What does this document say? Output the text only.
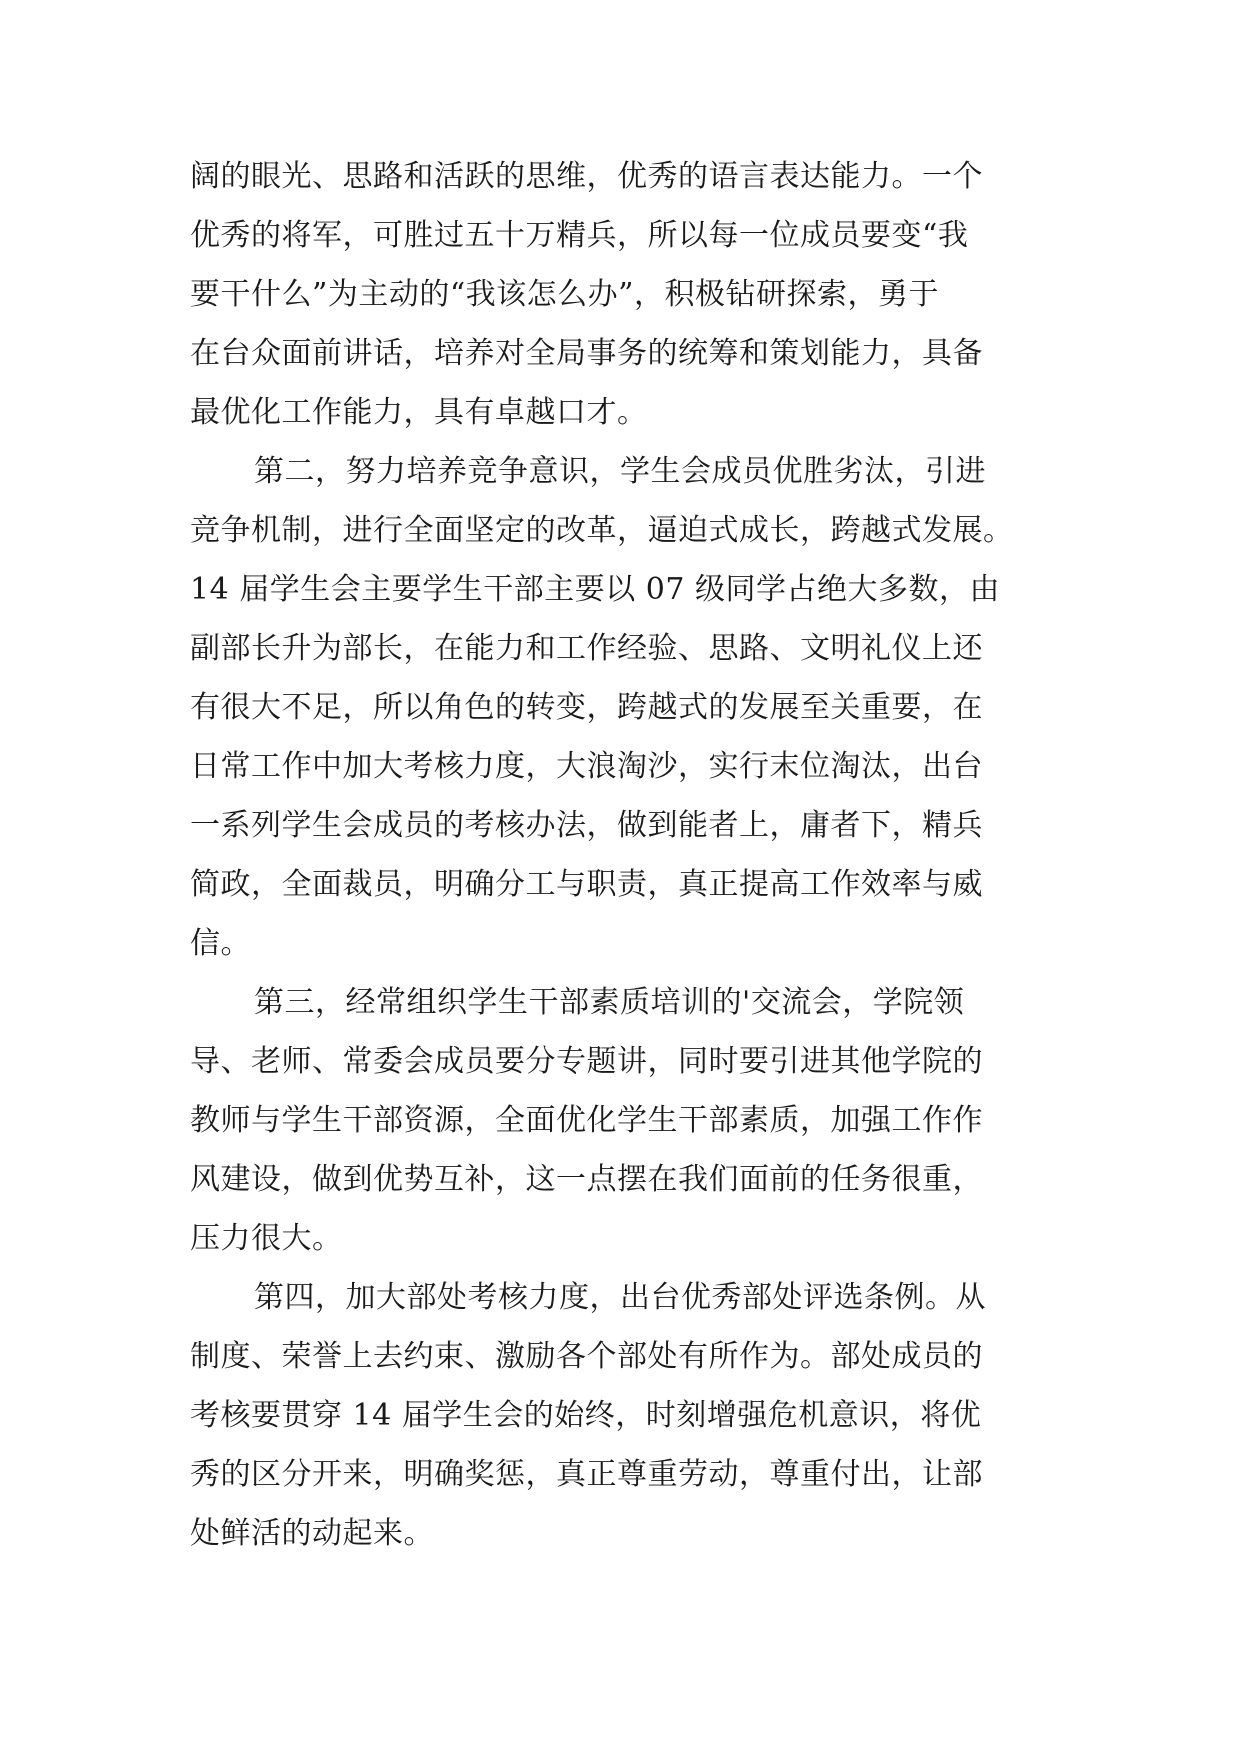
阔的眼光、思路和活跃的思维，优秀的语言表达能力。一个
优秀的将军，可胜过五十万精兵，所以每一位成员要变“我
要干什么”为主动的“我该怎么办”，积极钻研探索，勇于
在台众面前讲话，培养对全局事务的统筹和策划能力，具备
最优化工作能力，具有卓越口才。
第二，努力培养竞争意识，学生会成员优胜劣汰，引进
竞争机制，进行全面坚定的改革，逼迫式成长，跨越式发展。
14 届学生会主要学生干部主要以 07 级同学占绝大多数，由
副部长升为部长，在能力和工作经验、思路、文明礼仪上还
有很大不足，所以角色的转变，跨越式的发展至关重要，在
日常工作中加大考核力度，大浪淘沙，实行末位淘汰，出台
一系列学生会成员的考核办法，做到能者上，庸者下，精兵
简政，全面裁员，明确分工与职责，真正提高工作效率与威
信。
第三，经常组织学生干部素质培训的'交流会，学院领
导、老师、常委会成员要分专题讲，同时要引进其他学院的
教师与学生干部资源，全面优化学生干部素质，加强工作作
风建设，做到优势互补，这一点摆在我们面前的任务很重，
压力很大。
第四，加大部处考核力度，出台优秀部处评选条例。从
制度、荣誉上去约束、激励各个部处有所作为。部处成员的
考核要贯穿 14 届学生会的始终，时刻增强危机意识，将优
秀的区分开来，明确奖惩，真正尊重劳动，尊重付出，让部
处鲜活的动起来。
